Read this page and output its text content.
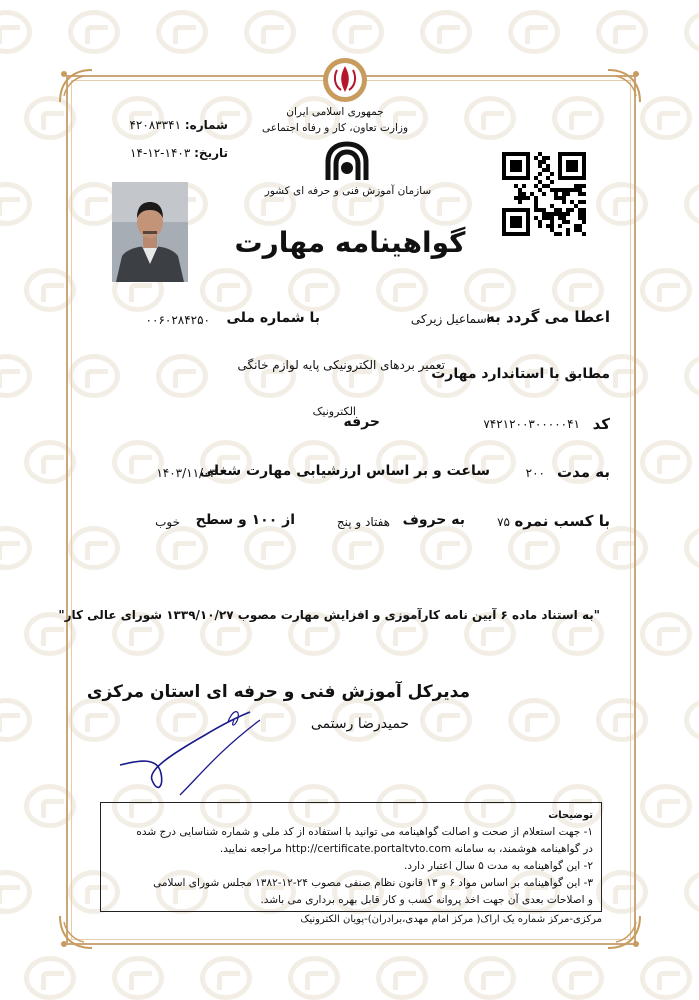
جمهوری اسلامی ایران
وزارت تعاون، کار و رفاه اجتماعی
سازمان آموزش فنی و حرفه ای کشور
شماره: ۴۲۰۸۳۳۴۱
تاریخ: ۱۴۰۳-۱۲-۱۴
گواهینامه مهارت
اعطا می گردد به
اسماعیل زیرکی
با شماره ملی
۰۰۶۰۲۸۴۲۵۰
مطابق با استاندارد مهارت
تعمیر بردهای الکترونیکی پایه لوازم خانگی
کد
۷۴۲۱۲۰۰۳۰۰۰۰۰۴۱
حرفه
الکترونیک
به مدت
۲۰۰
ساعت و بر اساس ارزشیابی مهارت شغلی
۱۴۰۳/۱۱/۰۳
با کسب نمره
۷۵
به حروف
هفتاد و پنج
از ۱۰۰ و سطح
خوب
"به استناد ماده ۶ آیین نامه کارآموزی و افزایش مهارت مصوب ۱۳۳۹/۱۰/۲۷ شورای عالی کار"
مدیرکل آموزش فنی و حرفه ای استان مرکزی
حمیدرضا رستمی
توضیحات
۱- جهت استعلام از صحت و اصالت گواهینامه می توانید با استفاده از کد ملی و شماره شناسایی درج شده
در گواهینامه هوشمند، به سامانه http://certificate.portaltvto.com مراجعه نمایید.
۲- این گواهینامه به مدت ۵ سال اعتبار دارد.
۳- این گواهینامه بر اساس مواد ۶ و ۱۳ قانون نظام صنفی مصوب ۲۴-۱۲-۱۳۸۲ مجلس شورای اسلامی
و اصلاحات بعدی آن جهت اخذ پروانه کسب و کار قابل بهره برداری می باشد.
مرکزی-مرکز شماره یک اراک( مرکز امام مهدی،برادران)-پویان الکترونیک
